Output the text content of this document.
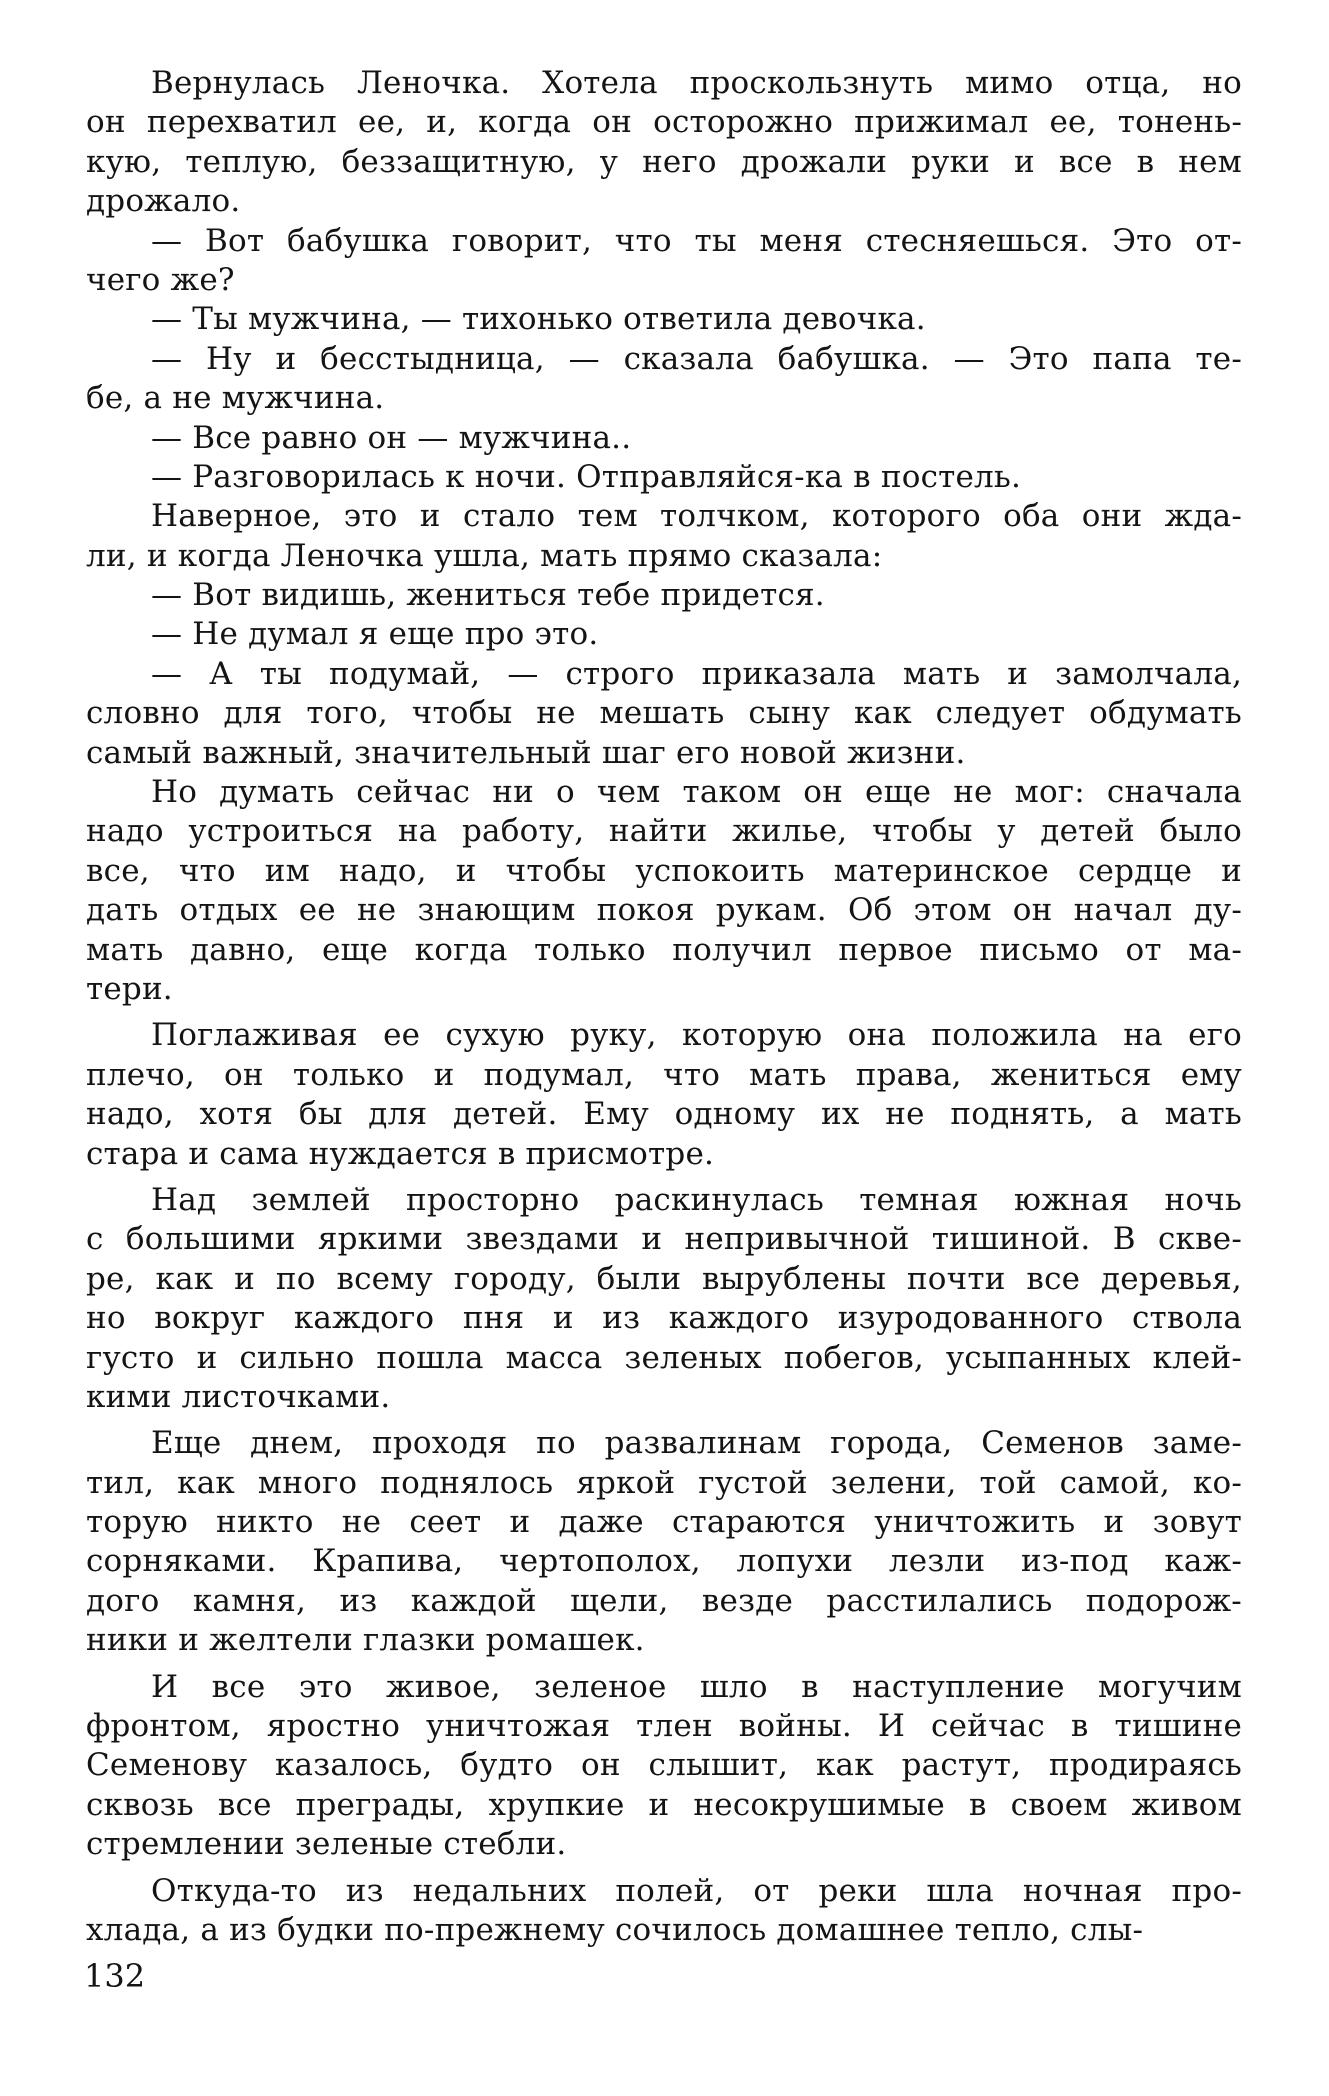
Вернулась Леночка. Хотела проскользнуть мимо отца, но
он перехватил ее, и, когда он осторожно прижимал ее, тонень-
кую, теплую, беззащитную, у него дрожали руки и все в нем
дрожало.
— Вот бабушка говорит, что ты меня стесняешься. Это от-
чего же?
— Ты мужчина, — тихонько ответила девочка.
— Ну и бесстыдница, — сказала бабушка. — Это папа те-
бе, а не мужчина.
— Все равно он — мужчина..
— Разговорилась к ночи. Отправляйся-ка в постель.
Наверное, это и стало тем толчком, которого оба они жда-
ли, и когда Леночка ушла, мать прямо сказала:
— Вот видишь, жениться тебе придется.
— Не думал я еще про это.
— А ты подумай, — строго приказала мать и замолчала,
словно для того, чтобы не мешать сыну как следует обдумать
самый важный, значительный шаг его новой жизни.
Но думать сейчас ни о чем таком он еще не мог: сначала
надо устроиться на работу, найти жилье, чтобы у детей было
все, что им надо, и чтобы успокоить материнское сердце и
дать отдых ее не знающим покоя рукам. Об этом он начал ду-
мать давно, еще когда только получил первое письмо от ма-
тери.
Поглаживая ее сухую руку, которую она положила на его
плечо, он только и подумал, что мать права, жениться ему
надо, хотя бы для детей. Ему одному их не поднять, а мать
стара и сама нуждается в присмотре.
Над землей просторно раскинулась темная южная ночь
с большими яркими звездами и непривычной тишиной. В скве-
ре, как и по всему городу, были вырублены почти все деревья,
но вокруг каждого пня и из каждого изуродованного ствола
густо и сильно пошла масса зеленых побегов, усыпанных клей-
кими листочками.
Еще днем, проходя по развалинам города, Семенов заме-
тил, как много поднялось яркой густой зелени, той самой, ко-
торую никто не сеет и даже стараются уничтожить и зовут
сорняками. Крапива, чертополох, лопухи лезли из-под каж-
дого камня, из каждой щели, везде расстилались подорож-
ники и желтели глазки ромашек.
И все это живое, зеленое шло в наступление могучим
фронтом, яростно уничтожая тлен войны. И сейчас в тишине
Семенову казалось, будто он слышит, как растут, продираясь
сквозь все преграды, хрупкие и несокрушимые в своем живом
стремлении зеленые стебли.
Откуда-то из недальних полей, от реки шла ночная про-
хлада, а из будки по-прежнему сочилось домашнее тепло, слы-
132
